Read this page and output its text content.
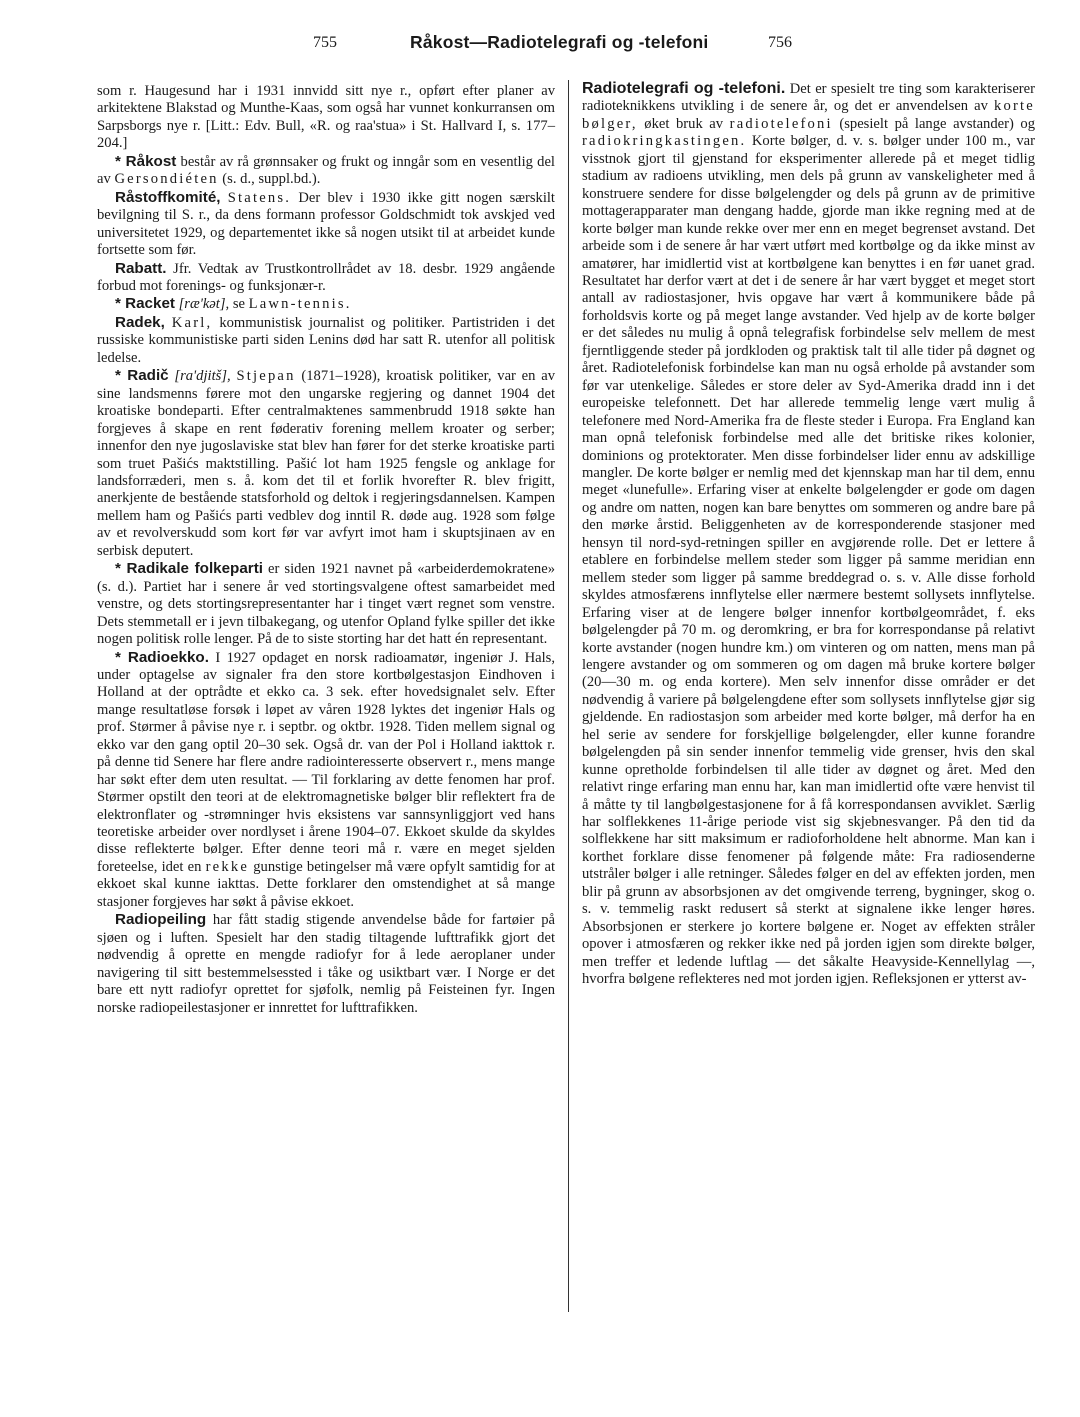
755	Råkost—Radiotelegrafi og -telefoni	756

som r. Haugesund har i 1931 innvidd sitt nye r., opført efter planer av arkitektene Blakstad og Munthe-Kaas, som også har vunnet konkurransen om Sarpsborgs nye r. [Litt.: Edv. Bull, «R. og raa'stua» i St. Hallvard I, s. 177–204.]

* Råkost består av rå grønnsaker og frukt og inngår som en vesentlig del av Gersondiéten (s. d., suppl.bd.).

Råstoffkomité, Statens. Der blev i 1930 ikke gitt nogen særskilt bevilgning til S. r., da dens formann professor Goldschmidt tok avskjed ved universitetet 1929, og departementet ikke så nogen utsikt til at arbeidet kunde fortsette som før.

Rabatt. Jfr. Vedtak av Trustkontrollrådet av 18. desbr. 1929 angående forbud mot forenings- og funksjonær-r.

* Racket [ræ'kət], se Lawn-tennis.

Radek, Karl, kommunistisk journalist og politiker. Partistriden i det russiske kommunistiske parti siden Lenins død har satt R. utenfor all politisk ledelse.

* Radič [ra'djitš], Stjepan (1871–1928), kroatisk politiker, var en av sine landsmenns førere mot den ungarske regjering og dannet 1904 det kroatiske bondeparti. Efter centralmaktenes sammenbrudd 1918 søkte han forgjeves å skape en rent føderativ forening mellem kroater og serber; innenfor den nye jugoslaviske stat blev han fører for det sterke kroatiske parti som truet Pašićs maktstilling. Pašić lot ham 1925 fengsle og anklage for landsforræderi, men s. å. kom det til et forlik hvorefter R. blev frigitt, anerkjente de bestående statsforhold og deltok i regjeringsdannelsen. Kampen mellem ham og Pašićs parti vedblev dog inntil R. døde aug. 1928 som følge av et revolverskudd som kort før var avfyrt imot ham i skuptsjinaen av en serbisk deputert.

* Radikale folkeparti er siden 1921 navnet på «arbeiderdemokratene» (s. d.). Partiet har i senere år ved stortingsvalgene oftest samarbeidet med venstre, og dets stortingsrepresentanter har i tinget vært regnet som venstre. Dets stemmetall er i jevn tilbakegang, og utenfor Opland fylke spiller det ikke nogen politisk rolle lenger. På de to siste storting har det hatt én representant.

* Radioekko. I 1927 opdaget en norsk radioamatør, ingeniør J. Hals, under optagelse av signaler fra den store kortbølgestasjon Eindhoven i Holland at der optrådte et ekko ca. 3 sek. efter hovedsignalet selv. Efter mange resultatløse forsøk i løpet av våren 1928 lyktes det ingeniør Hals og prof. Størmer å påvise nye r. i septbr. og oktbr. 1928. Tiden mellem signal og ekko var den gang optil 20–30 sek. Også dr. van der Pol i Holland iakttok r. på denne tid Senere har flere andre radiointeresserte observert r., mens mange har søkt efter dem uten resultat. — Til forklaring av dette fenomen har prof. Størmer opstilt den teori at de elektromagnetiske bølger blir reflektert fra de elektronflater og -strømninger hvis eksistens var sannsynliggjort ved hans teoretiske arbeider over nordlyset i årene 1904–07. Ekkoet skulde da skyldes disse reflekterte bølger. Efter denne teori må r. være en meget sjelden foreteelse, idet en rekke gunstige betingelser må være opfylt samtidig for at ekkoet skal kunne iakttas. Dette forklarer den omstendighet at så mange stasjoner forgjeves har søkt å påvise ekkoet.

Radiopeiling har fått stadig stigende anvendelse både for fartøier på sjøen og i luften. Spesielt har den stadig tiltagende lufttrafikk gjort det nødvendig å oprette en mengde radiofyr for å lede aeroplaner under navigering til sitt bestemmelsessted i tåke og usiktbart vær. I Norge er det bare ett nytt radiofyr oprettet for sjøfolk, nemlig på Feisteinen fyr. Ingen norske radiopeilestasjoner er innrettet for lufttrafikken.

Radiotelegrafi og -telefoni. Det er spesielt tre ting som karakteriserer radioteknikkens utvikling i de senere år, og det er anvendelsen av korte bølger, øket bruk av radiotelefoni (spesielt på lange avstander) og radiokringkastingen. Korte bølger, d. v. s. bølger under 100 m., var visstnok gjort til gjenstand for eksperimenter allerede på et meget tidlig stadium av radioens utvikling, men dels på grunn av vanskeligheter med å konstruere sendere for disse bølgelengder og dels på grunn av de primitive mottagerapparater man dengang hadde, gjorde man ikke regning med at de korte bølger man kunde rekke over mer enn en meget begrenset avstand. Det arbeide som i de senere år har vært utført med kortbølge og da ikke minst av amatører, har imidlertid vist at kortbølgene kan benyttes i en før uanet grad. Resultatet har derfor vært at det i de senere år har vært bygget et meget stort antall av radiostasjoner, hvis opgave har vært å kommunikere både på forholdsvis korte og på meget lange avstander. Ved hjelp av de korte bølger er det således nu mulig å opnå telegrafisk forbindelse selv mellem de mest fjerntliggende steder på jordkloden og praktisk talt til alle tider på døgnet og året. Radiotelefonisk forbindelse kan man nu også erholde på avstander som før var utenkelige. Således er store deler av Syd-Amerika dradd inn i det europeiske telefonnett. Det har allerede temmelig lenge vært mulig å telefonere med Nord-Amerika fra de fleste steder i Europa. Fra England kan man opnå telefonisk forbindelse med alle det britiske rikes kolonier, dominions og protektorater. Men disse forbindelser lider ennu av adskillige mangler. De korte bølger er nemlig med det kjennskap man har til dem, ennu meget «lunefulle». Erfaring viser at enkelte bølgelengder er gode om dagen og andre om natten, nogen kan bare benyttes om sommeren og andre bare på den mørke årstid. Beliggenheten av de korresponderende stasjoner med hensyn til nord-syd-retningen spiller en avgjørende rolle. Det er lettere å etablere en forbindelse mellem steder som ligger på samme meridian enn mellem steder som ligger på samme breddegrad o. s. v. Alle disse forhold skyldes atmosfærens innflytelse eller nærmere bestemt sollysets innflytelse. Erfaring viser at de lengere bølger innenfor kortbølgeområdet, f. eks bølgelengder på 70 m. og deromkring, er bra for korrespondanse på relativt korte avstander (nogen hundre km.) om vinteren og om natten, mens man på lengere avstander og om sommeren og om dagen må bruke kortere bølger (20—30 m. og enda kortere). Men selv innenfor disse områder er det nødvendig å variere på bølgelengdene efter som sollysets innflytelse gjør sig gjeldende. En radiostasjon som arbeider med korte bølger, må derfor ha en hel serie av sendere for forskjellige bølgelengder, eller kunne forandre bølgelengden på sin sender innenfor temmelig vide grenser, hvis den skal kunne opretholde forbindelsen til alle tider av døgnet og året. Med den relativt ringe erfaring man ennu har, kan man imidlertid ofte være henvist til å måtte ty til langbølgestasjonene for å få korrespondansen avviklet. Særlig har solflekkenes 11-årige periode vist sig skjebnesvanger. På den tid da solflekkene har sitt maksimum er radioforholdene helt abnorme. Man kan i korthet forklare disse fenomener på følgende måte: Fra radiosenderne utstråler bølger i alle retninger. Således følger en del av effekten jorden, men blir på grunn av absorbsjonen av det omgivende terreng, bygninger, skog o. s. v. temmelig raskt redusert så sterkt at signalene ikke lenger høres. Absorbsjonen er sterkere jo kortere bølgene er. Noget av effekten stråler opover i atmosfæren og rekker ikke ned på jorden igjen som direkte bølger, men treffer et ledende luftlag — det såkalte Heavyside-Kennellylag —, hvorfra bølgene reflekteres ned mot jorden igjen. Refleksjonen er ytterst av-
